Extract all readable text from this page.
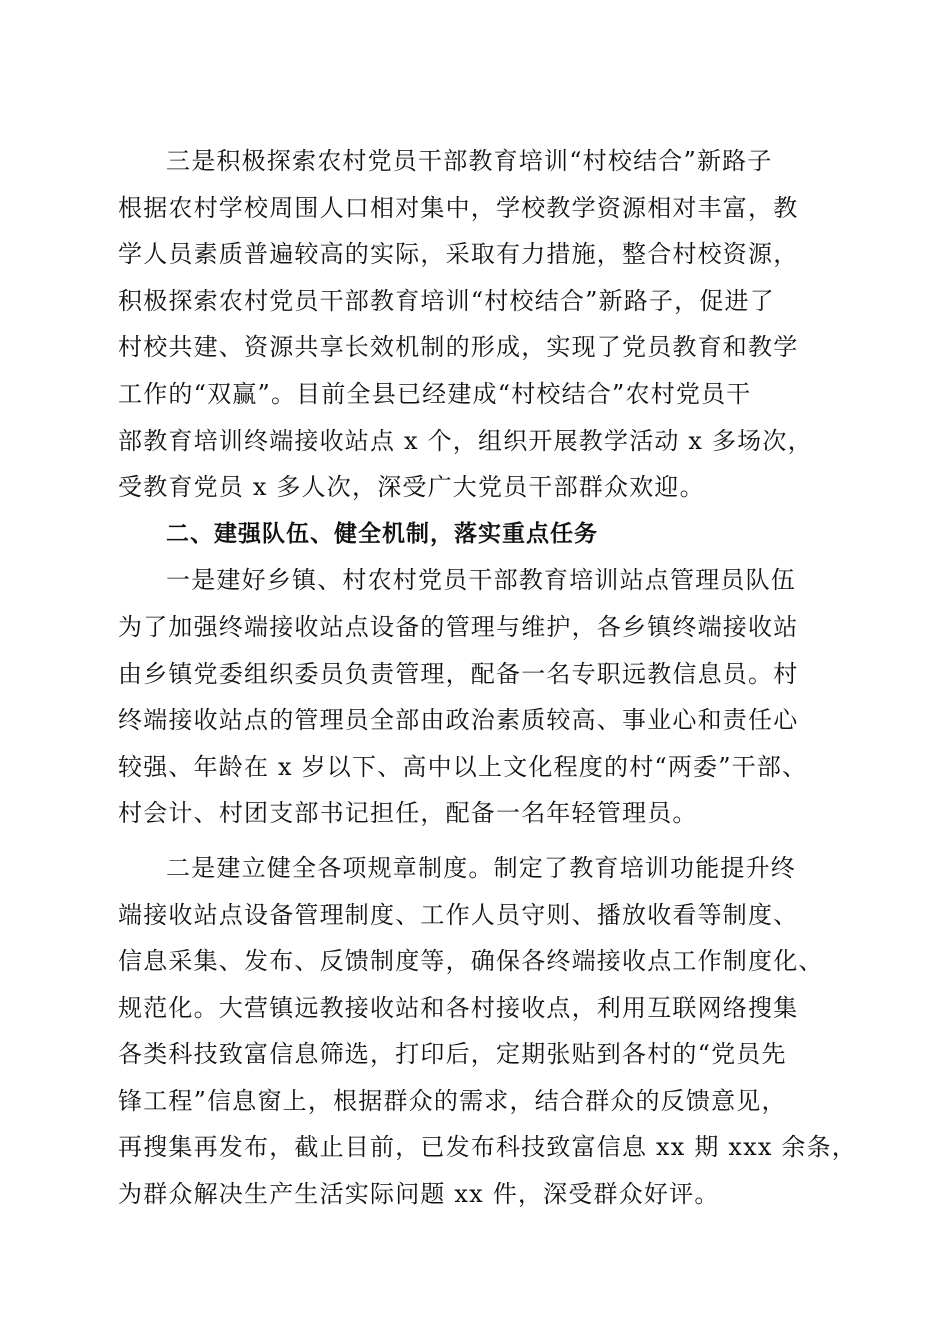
三是积极探索农村党员干部教育培训“村校结合”新路子
根据农村学校周围人口相对集中，学校教学资源相对丰富，教
学人员素质普遍较高的实际，采取有力措施，整合村校资源，
积极探索农村党员干部教育培训“村校结合”新路子，促进了
村校共建、资源共享长效机制的形成，实现了党员教育和教学
工作的“双赢”。目前全县已经建成“村校结合”农村党员干
部教育培训终端接收站点 x 个，组织开展教学活动 x 多场次，
受教育党员 x 多人次，深受广大党员干部群众欢迎。
二、建强队伍、健全机制，落实重点任务
一是建好乡镇、村农村党员干部教育培训站点管理员队伍
为了加强终端接收站点设备的管理与维护，各乡镇终端接收站
由乡镇党委组织委员负责管理，配备一名专职远教信息员。村
终端接收站点的管理员全部由政治素质较高、事业心和责任心
较强、年龄在 x 岁以下、高中以上文化程度的村“两委”干部、
村会计、村团支部书记担任，配备一名年轻管理员。
二是建立健全各项规章制度。制定了教育培训功能提升终
端接收站点设备管理制度、工作人员守则、播放收看等制度、
信息采集、发布、反馈制度等，确保各终端接收点工作制度化、
规范化。大营镇远教接收站和各村接收点，利用互联网络搜集
各类科技致富信息筛选，打印后，定期张贴到各村的“党员先
锋工程”信息窗上，根据群众的需求，结合群众的反馈意见，
再搜集再发布，截止目前，已发布科技致富信息 xx 期 xxx 余条，
为群众解决生产生活实际问题 xx 件，深受群众好评。
